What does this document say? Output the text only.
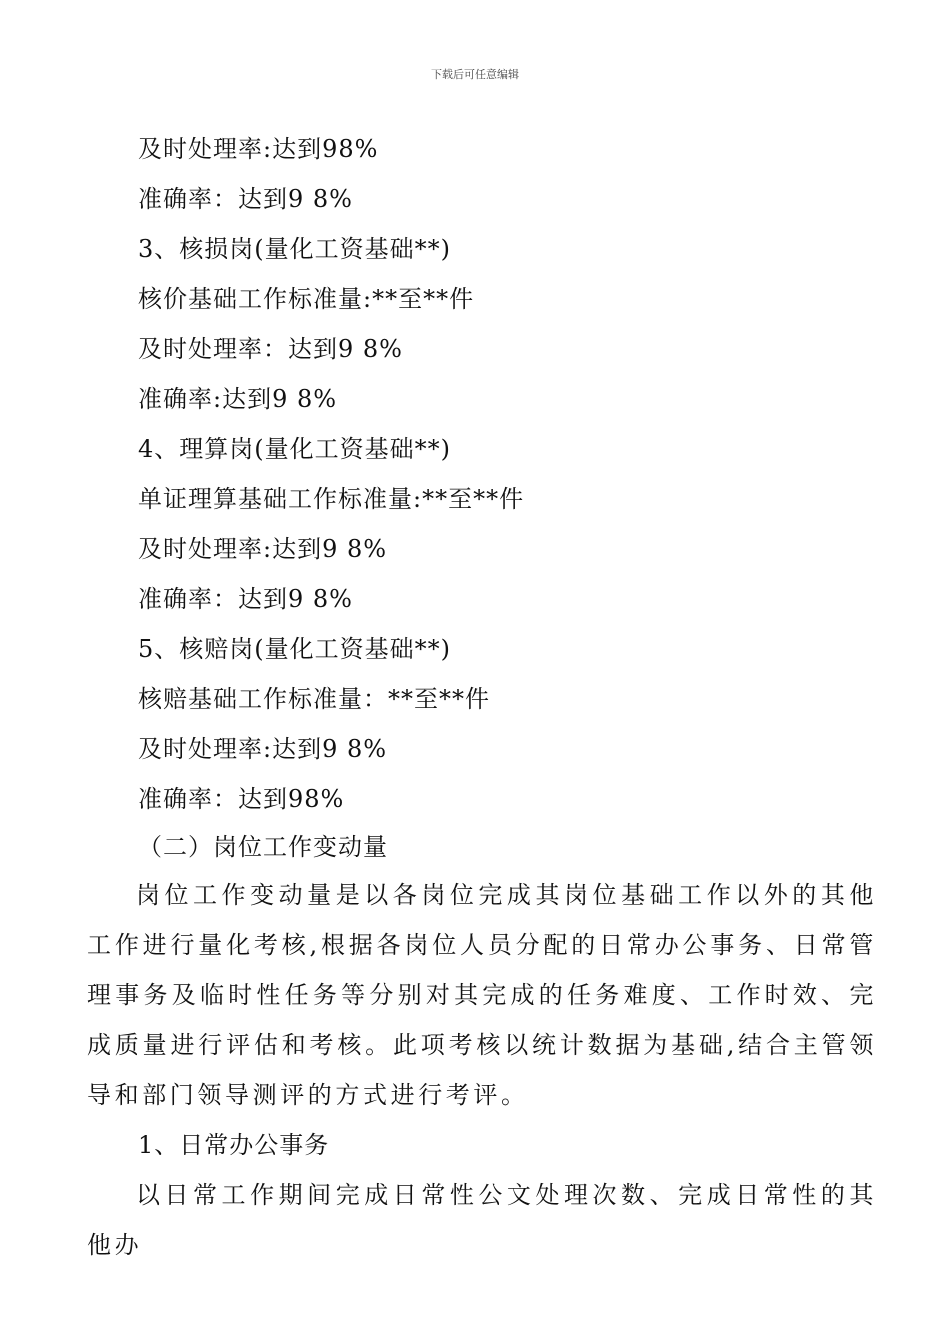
下载后可任意编辑
及时处理率:达到98%
准确率：达到9 8%
3、核损岗(量化工资基础**)
核价基础工作标准量:**至**件
及时处理率：达到9 8%
准确率:达到9 8%
4、理算岗(量化工资基础**)
单证理算基础工作标准量:**至**件
及时处理率:达到9 8%
准确率：达到9 8%
5、核赔岗(量化工资基础**)
核赔基础工作标准量：**至**件
及时处理率:达到9 8%
准确率：达到98%
（二）岗位工作变动量
岗位工作变动量是以各岗位完成其岗位基础工作以外的其他工作进行量化考核,根据各岗位人员分配的日常办公事务、日常管理事务及临时性任务等分别对其完成的任务难度、工作时效、完成质量进行评估和考核。此项考核以统计数据为基础,结合主管领导和部门领导测评的方式进行考评。
1、日常办公事务
以日常工作期间完成日常性公文处理次数、完成日常性的其他办
